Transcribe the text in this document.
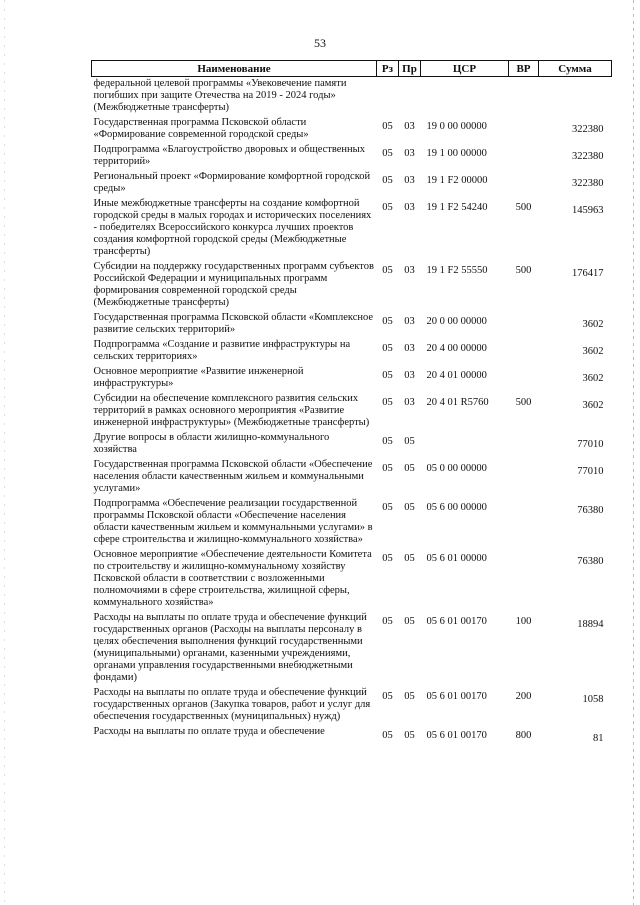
53
Наименование	Рз	Пр	ЦСР	ВР	Сумма
федеральной целевой программы «Увековечение памяти погибших при защите Отечества на 2019 - 2024 годы» (Межбюджетные трансферты)					
Государственная программа Псковской области «Формирование современной городской среды»	05	03	19 0 00 00000		322380
Подпрограмма «Благоустройство дворовых и общественных территорий»	05	03	19 1 00 00000		322380
Региональный проект «Формирование комфортной городской среды»	05	03	19 1 F2 00000		322380
Иные межбюджетные трансферты на создание комфортной городской среды в малых городах и исторических поселениях - победителях Всероссийского конкурса лучших проектов создания комфортной городской среды (Межбюджетные трансферты)	05	03	19 1 F2 54240	500	145963
Субсидии на поддержку государственных программ субъектов Российской Федерации и муниципальных программ формирования современной городской среды (Межбюджетные трансферты)	05	03	19 1 F2 55550	500	176417
Государственная программа Псковской области «Комплексное развитие сельских территорий»	05	03	20 0 00 00000		3602
Подпрограмма «Создание и развитие инфраструктуры на сельских территориях»	05	03	20 4 00 00000		3602
Основное мероприятие «Развитие инженерной инфраструктуры»	05	03	20 4 01 00000		3602
Субсидии на обеспечение комплексного развития сельских территорий в рамках основного мероприятия «Развитие инженерной инфраструктуры» (Межбюджетные трансферты)	05	03	20 4 01 R5760	500	3602
Другие вопросы в области жилищно-коммунального хозяйства	05	05			77010
Государственная программа Псковской области «Обеспечение населения области качественным жильем и коммунальными услугами»	05	05	05 0 00 00000		77010
Подпрограмма «Обеспечение реализации государственной программы Псковской области «Обеспечение населения области качественным жильем и коммунальными услугами» в сфере строительства и жилищно-коммунального хозяйства»	05	05	05 6 00 00000		76380
Основное мероприятие «Обеспечение деятельности Комитета по строительству и жилищно-коммунальному хозяйству Псковской области в соответствии с возложенными полномочиями в сфере строительства, жилищной сферы, коммунального хозяйства»	05	05	05 6 01 00000		76380
Расходы на выплаты по оплате труда и обеспечение функций государственных органов (Расходы на выплаты персоналу в целях обеспечения выполнения функций государственными (муниципальными) органами, казенными учреждениями, органами управления государственными внебюджетными фондами)	05	05	05 6 01 00170	100	18894
Расходы на выплаты по оплате труда и обеспечение функций государственных органов (Закупка товаров, работ и услуг для обеспечения государственных (муниципальных) нужд)	05	05	05 6 01 00170	200	1058
Расходы на выплаты по оплате труда и обеспечение	05	05	05 6 01 00170	800	81
